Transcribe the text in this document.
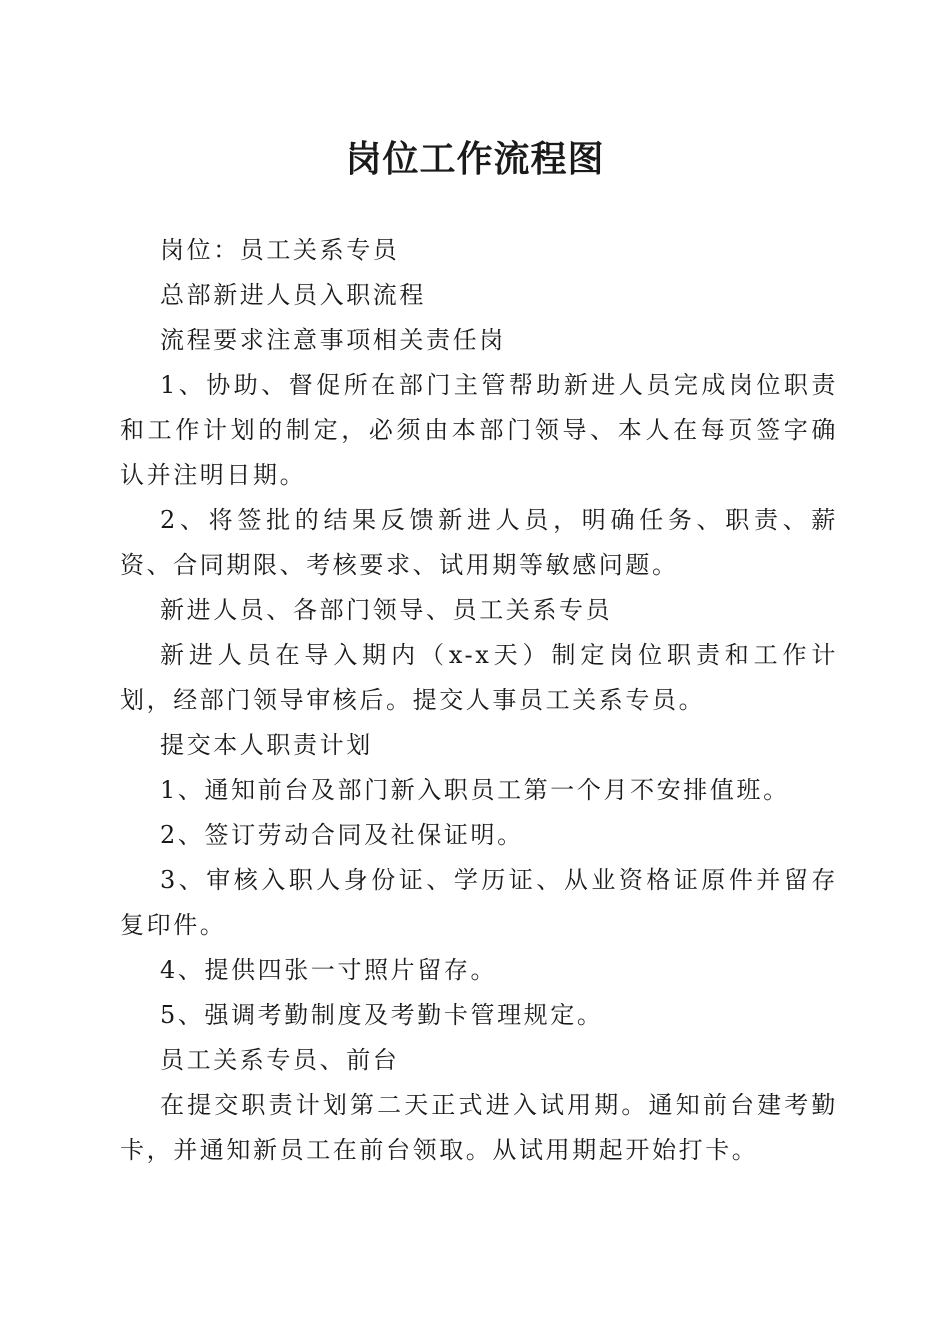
岗位工作流程图

岗位：员工关系专员

总部新进人员入职流程

流程要求注意事项相关责任岗

1、协助、督促所在部门主管帮助新进人员完成岗位职责和工作计划的制定，必须由本部门领导、本人在每页签字确认并注明日期。

2、将签批的结果反馈新进人员，明确任务、职责、薪资、合同期限、考核要求、试用期等敏感问题。

新进人员、各部门领导、员工关系专员

新进人员在导入期内（x-x天）制定岗位职责和工作计划，经部门领导审核后。提交人事员工关系专员。

提交本人职责计划

1、通知前台及部门新入职员工第一个月不安排值班。

2、签订劳动合同及社保证明。

3、审核入职人身份证、学历证、从业资格证原件并留存复印件。

4、提供四张一寸照片留存。

5、强调考勤制度及考勤卡管理规定。

员工关系专员、前台

在提交职责计划第二天正式进入试用期。通知前台建考勤卡，并通知新员工在前台领取。从试用期起开始打卡。
